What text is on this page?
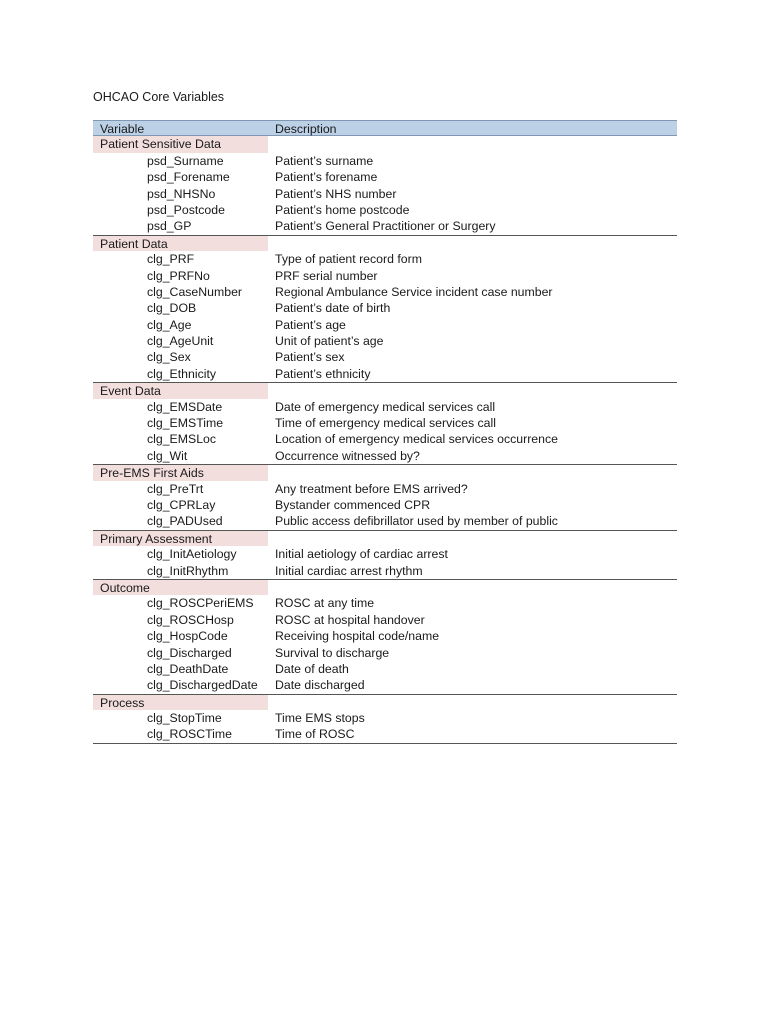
OHCAO Core Variables
Variable	Description
Patient Sensitive Data
psd_Surname	Patient’s surname
psd_Forename	Patient’s forename
psd_NHSNo	Patient’s NHS number
psd_Postcode	Patient’s home postcode
psd_GP	Patient’s General Practitioner or Surgery
Patient Data
clg_PRF	Type of patient record form
clg_PRFNo	PRF serial number
clg_CaseNumber	Regional Ambulance Service incident case number
clg_DOB	Patient’s date of birth
clg_Age	Patient’s age
clg_AgeUnit	Unit of patient’s age
clg_Sex	Patient’s sex
clg_Ethnicity	Patient’s ethnicity
Event Data
clg_EMSDate	Date of emergency medical services call
clg_EMSTime	Time of emergency medical services call
clg_EMSLoc	Location of emergency medical services occurrence
clg_Wit	Occurrence witnessed by?
Pre-EMS First Aids
clg_PreTrt	Any treatment before EMS arrived?
clg_CPRLay	Bystander commenced CPR
clg_PADUsed	Public access defibrillator used by member of public
Primary Assessment
clg_InitAetiology	Initial aetiology of cardiac arrest
clg_InitRhythm	Initial cardiac arrest rhythm
Outcome
clg_ROSCPeriEMS	ROSC at any time
clg_ROSCHosp	ROSC at hospital handover
clg_HospCode	Receiving hospital code/name
clg_Discharged	Survival to discharge
clg_DeathDate	Date of death
clg_DischargedDate	Date discharged
Process
clg_StopTime	Time EMS stops
clg_ROSCTime	Time of ROSC
